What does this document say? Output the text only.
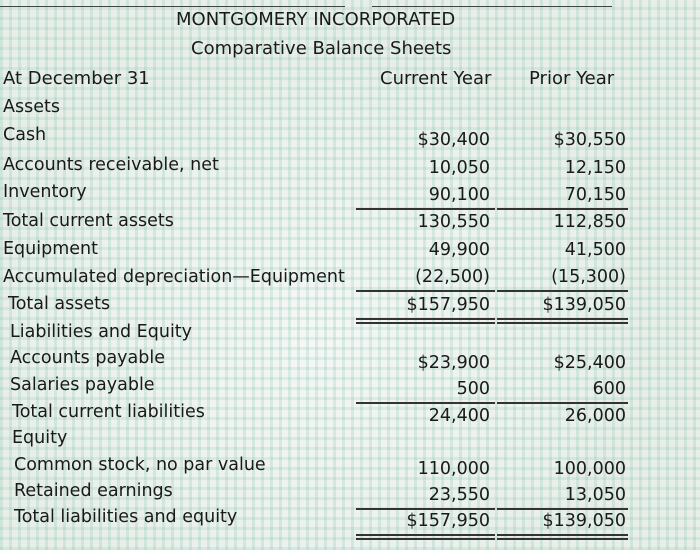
MONTGOMERY INCORPORATED
Comparative Balance Sheets
At December 31	Current Year Prior Year
Assets
Cash	$30,400	$30,550
Accounts receivable, net	10,050	12,150
Inventory	90,100	70,150
Total current assets	130,550	112,850
Equipment	49,900	41,500
Accumulated depreciation—Equipment	(22,500)	(15,300)
Total assets	$157,950	$139,050
Liabilities and Equity
Accounts payable	$23,900	$25,400
Salaries payable	500	600
Total current liabilities	24,400	26,000
Equity
Common stock, no par value	110,000	100,000
Retained earnings	23,550	13,050
Total liabilities and equity	$157,950	$139,050
